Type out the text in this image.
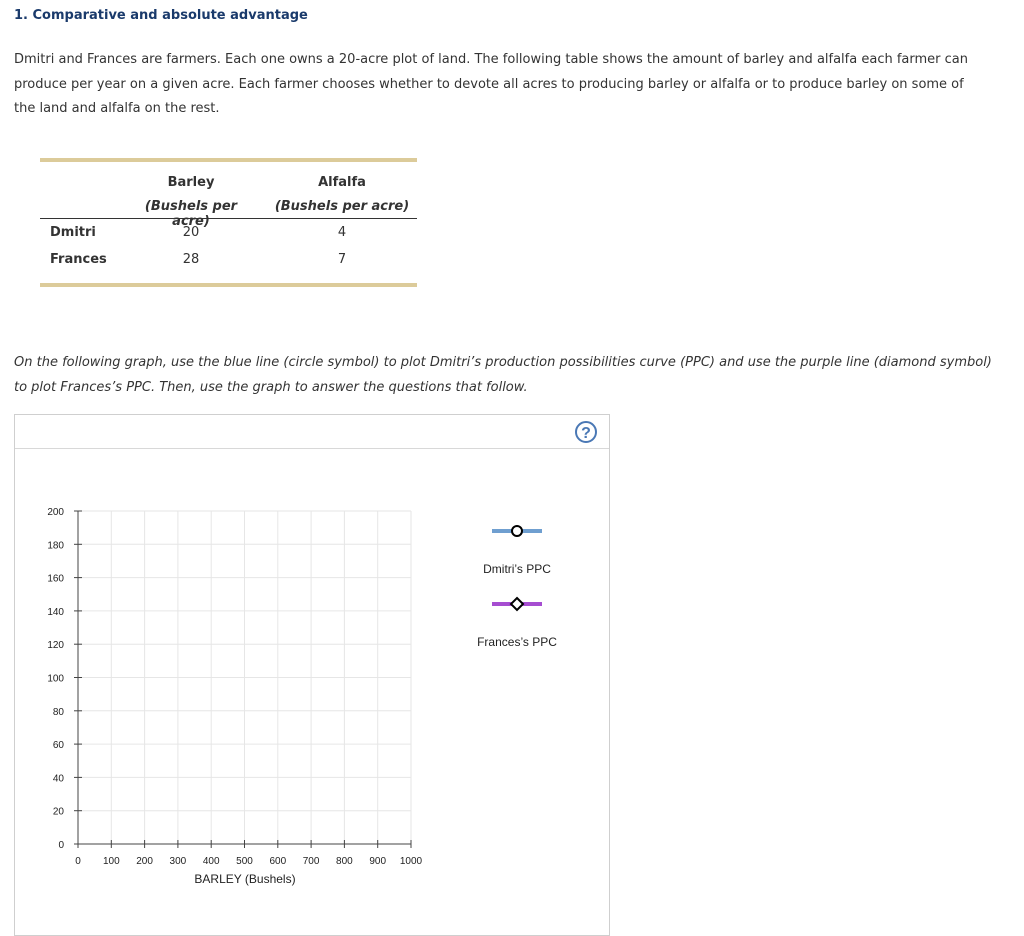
1. Comparative and absolute advantage
Dmitri and Frances are farmers. Each one owns a 20-acre plot of land. The following table shows the amount of barley and alfalfa each farmer can produce per year on a given acre. Each farmer chooses whether to devote all acres to producing barley or alfalfa or to produce barley on some of the land and alfalfa on the rest.
Barley
(Bushels per acre)
Alfalfa
(Bushels per acre)
Dmitri	20	4
Frances	28	7
On the following graph, use the blue line (circle symbol) to plot Dmitri’s production possibilities curve (PPC) and use the purple line (diamond symbol) to plot Frances’s PPC. Then, use the graph to answer the questions that follow.
?
0 100 200 300 400 500 600 700 800 900 1000
0
20
40
60
80
100
120
140
160
180
200
BARLEY (Bushels)
Dmitri’s PPC
Frances’s PPC
